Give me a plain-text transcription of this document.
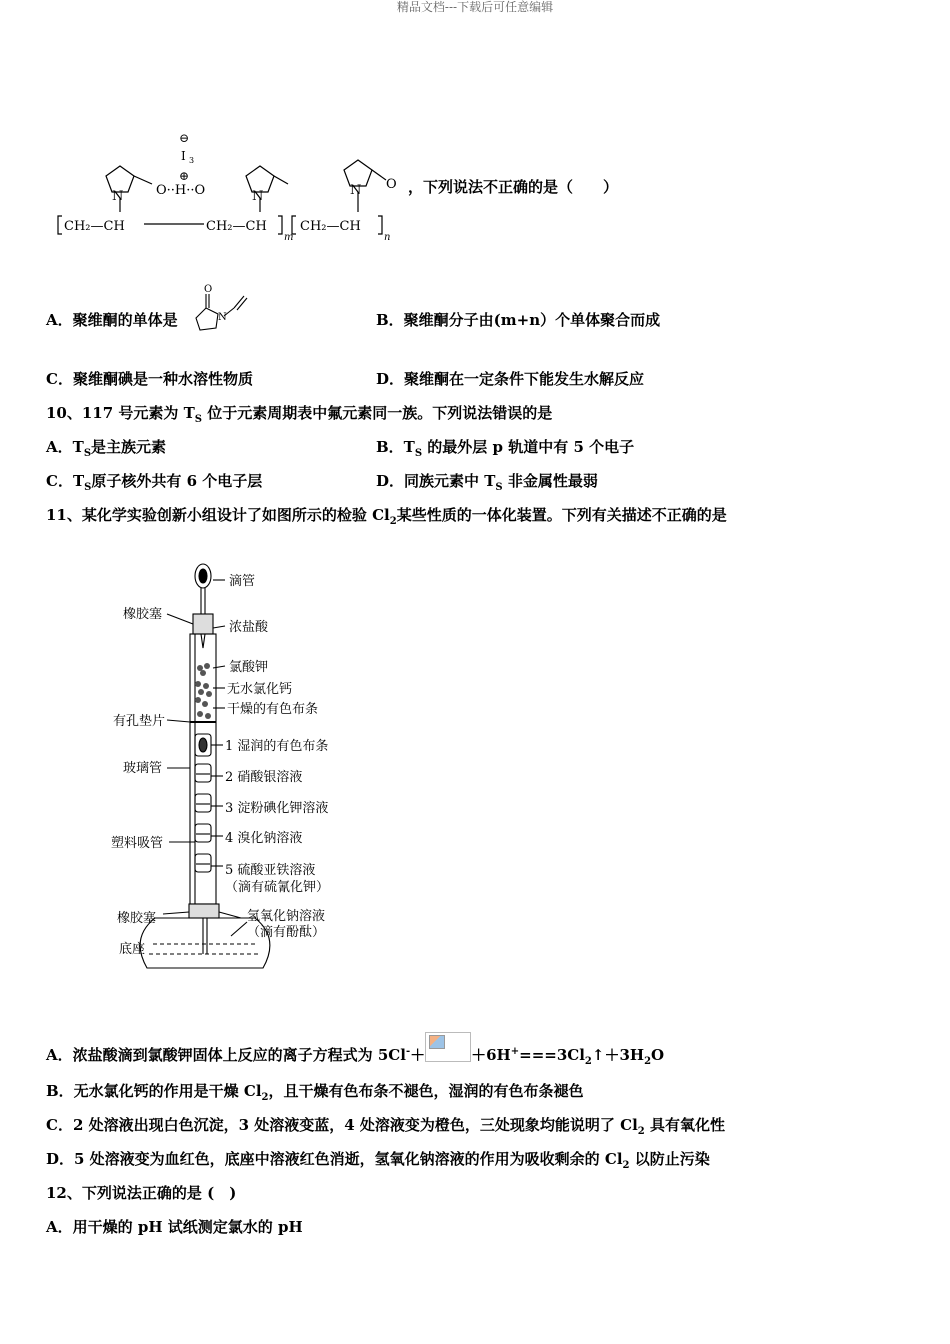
精品文档---下载后可任意编辑
⊖
I 3
⊕
O··H··O
N	N	N O
CH₂—CH	CH₂—CH
m
CH₂—CH
n
，下列说法不正确的是（　　）
A．聚维酮的单体是
O
N	B．聚维酮分子由(m+n）个单体聚合而成
C．聚维酮碘是一种水溶性物质	D．聚维酮在一定条件下能发生水解反应
10、117 号元素为 $T_S$ 位于元素周期表中氟元素同一族。下列说法错误的是
A．$T_S$是主族元素	B．$T_S$ 的最外层 p 轨道中有 5 个电子
C．$T_S$原子核外共有 6 个电子层	D．同族元素中 $T_S$ 非金属性最弱
11、某化学实验创新小组设计了如图所示的检验 $Cl_2$某些性质的一体化装置。下列有关描述不正确的是
滴管
橡胶塞
浓盐酸
氯酸钾
无水氯化钙
干燥的有色布条
有孔垫片
1 湿润的有色布条
玻璃管
2 硝酸银溶液
3 淀粉碘化钾溶液
塑料吸管	4 溴化钠溶液
5 硫酸亚铁溶液
（滴有硫氰化钾）
橡胶塞	氢氧化钠溶液
（滴有酚酞）
底座
A．浓盐酸滴到氯酸钾固体上反应的离子方程式为 5Cl-＋	$+6H^+===3Cl_2↑+3H_2O$
B．无水氯化钙的作用是干燥 $Cl_2$，且干燥有色布条不褪色，湿润的有色布条褪色
C．2 处溶液出现白色沉淀，3 处溶液变蓝，4 处溶液变为橙色，三处现象均能说明了 $Cl_2$ 具有氧化性
D．5 处溶液变为血红色，底座中溶液红色消逝，氢氧化钠溶液的作用为吸收剩余的 $Cl_2$ 以防止污染
12、下列说法正确的是 (　)
A．用干燥的 pH 试纸测定氯水的 pH
